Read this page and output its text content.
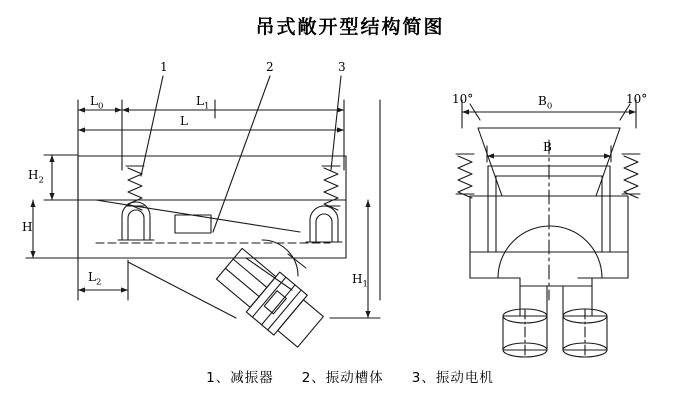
吊式敞开型结构简图
1	2	3
$L_0$	$L_1$
L
$L_2$
$H_2$
H
$H_1$
10°	10°
$B_0$
B
1、减振器 2、振动槽体 3、振动电机
